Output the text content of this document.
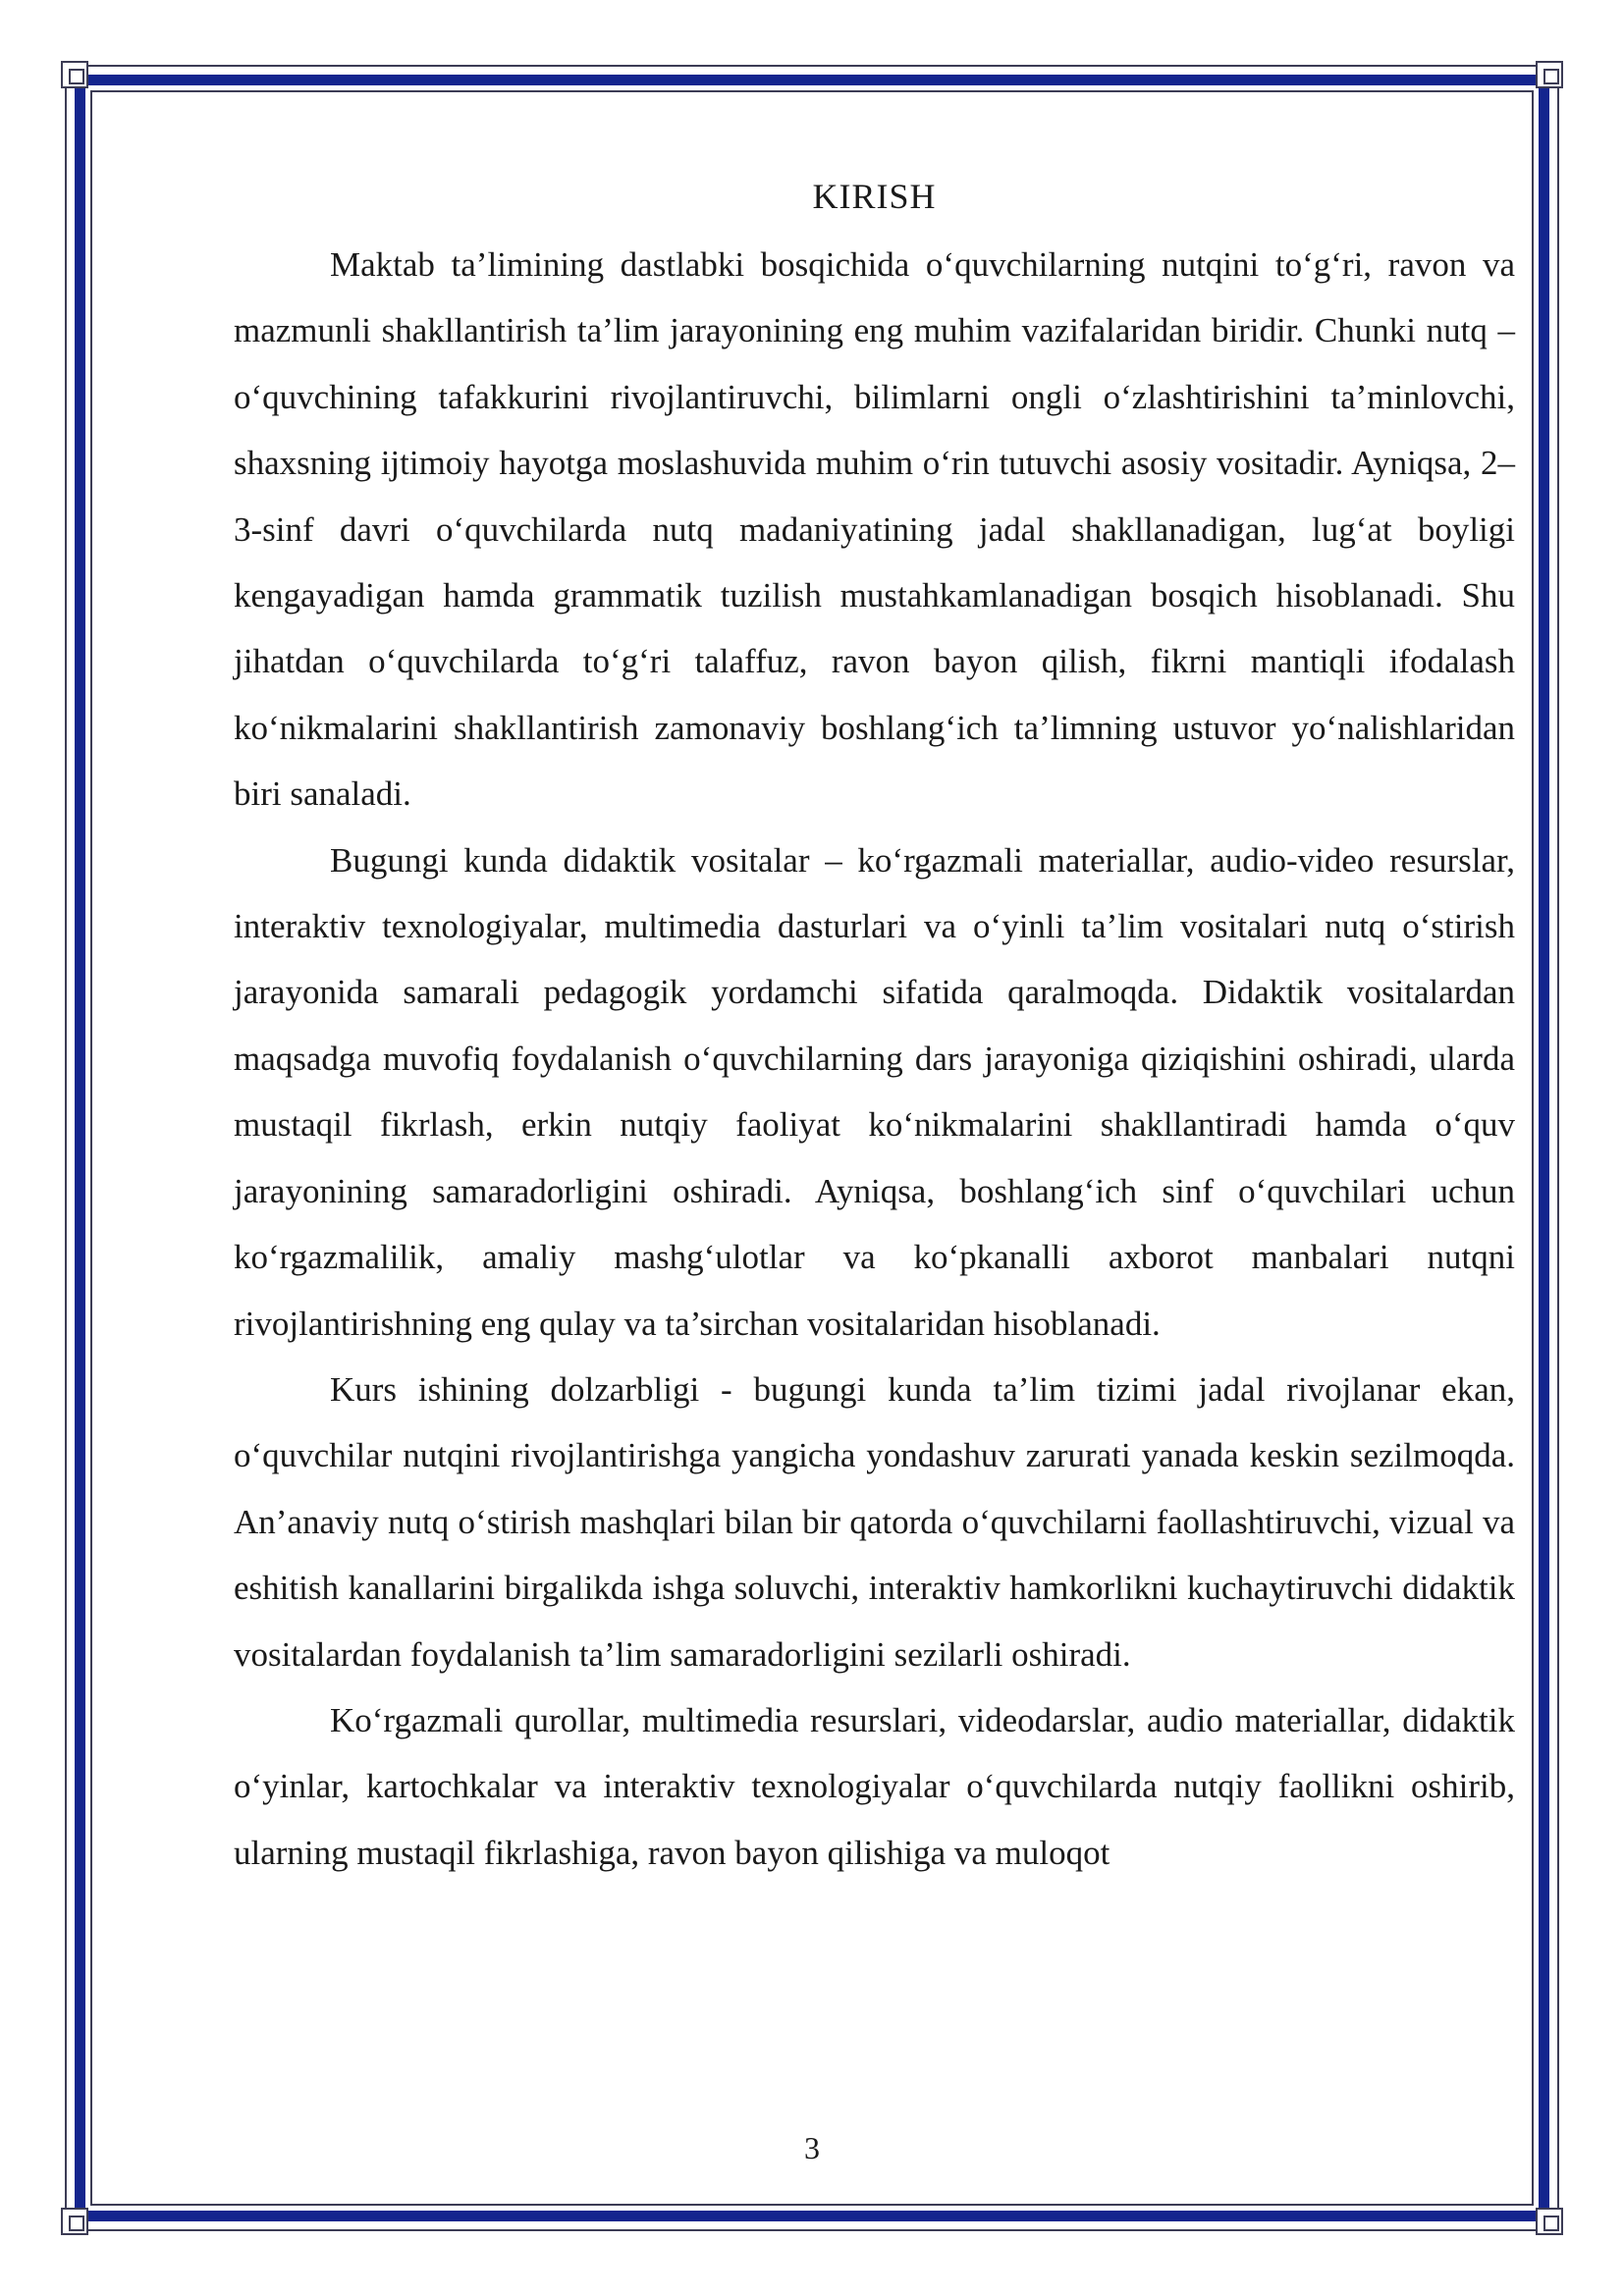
KIRISH

Maktab ta’limining dastlabki bosqichida o‘quvchilarning nutqini to‘g‘ri, ravon va mazmunli shakllantirish ta’lim jarayonining eng muhim vazifalaridan biridir. Chunki nutq – o‘quvchining tafakkurini rivojlantiruvchi, bilimlarni ongli o‘zlashtirishini ta’minlovchi, shaxsning ijtimoiy hayotga moslashuvida muhim o‘rin tutuvchi asosiy vositadir. Ayniqsa, 2–3-sinf davri o‘quvchilarda nutq madaniyatining jadal shakllanadigan, lug‘at boyligi kengayadigan hamda grammatik tuzilish mustahkamlanadigan bosqich hisoblanadi. Shu jihatdan o‘quvchilarda to‘g‘ri talaffuz, ravon bayon qilish, fikrni mantiqli ifodalash ko‘nikmalarini shakllantirish zamonaviy boshlang‘ich ta’limning ustuvor yo‘nalishlaridan biri sanaladi.

Bugungi kunda didaktik vositalar – ko‘rgazmali materiallar, audio-video resurslar, interaktiv texnologiyalar, multimedia dasturlari va o‘yinli ta’lim vositalari nutq o‘stirish jarayonida samarali pedagogik yordamchi sifatida qaralmoqda. Didaktik vositalardan maqsadga muvofiq foydalanish o‘quvchilarning dars jarayoniga qiziqishini oshiradi, ularda mustaqil fikrlash, erkin nutqiy faoliyat ko‘nikmalarini shakllantiradi hamda o‘quv jarayonining samaradorligini oshiradi. Ayniqsa, boshlang‘ich sinf o‘quvchilari uchun ko‘rgazmalilik, amaliy mashg‘ulotlar va ko‘pkanalli axborot manbalari nutqni rivojlantirishning eng qulay va ta’sirchan vositalaridan hisoblanadi.

Kurs ishining dolzarbligi - bugungi kunda ta’lim tizimi jadal rivojlanar ekan, o‘quvchilar nutqini rivojlantirishga yangicha yondashuv zarurati yanada keskin sezilmoqda. An’anaviy nutq o‘stirish mashqlari bilan bir qatorda o‘quvchilarni faollashtiruvchi, vizual va eshitish kanallarini birgalikda ishga soluvchi, interaktiv hamkorlikni kuchaytiruvchi didaktik vositalardan foydalanish ta’lim samaradorligini sezilarli oshiradi.

Ko‘rgazmali qurollar, multimedia resurslari, videodarslar, audio materiallar, didaktik o‘yinlar, kartochkalar va interaktiv texnologiyalar o‘quvchilarda nutqiy faollikni oshirib, ularning mustaqil fikrlashiga, ravon bayon qilishiga va muloqot

3
